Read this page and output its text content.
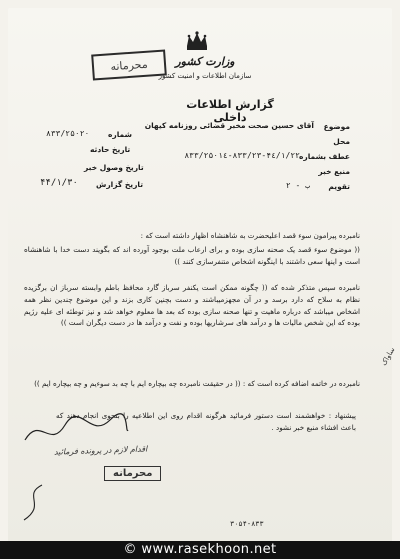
محرمانه	وزارت کشور
سازمان اطلاعات و امنیت کشور
گزارش اطلاعات داخلی
موضوع
آقای حسین صحت مخبر قضائی روزنامه کیهان
محل
عطف بشماره
۸۳۳/۲۵۰۱٤-۸۳۳/۲۳-۴٤/۱/۲۲
منبع خبر
تقویم
ب - ۲
شماره
۸۳۳/۲۵۰۲۰
تاریخ حادثه
تاریخ وصول خبر
تاریخ گزارش
۴۴/۱/۳۰
نامبرده پیرامون سوء قصد اعلیحضرت به شاهنشاه اظهار داشته است که :
(( موضوع سوء قصد یک صحنه سازی بوده و برای ارعاب ملت بوجود آورده اند که بگویند دست خدا با شاهنشاه است و اینها سعی داشتند با اینگونه اشخاص متنفرسازی کنند ))
نامبرده سپس متذکر شده که (( چگونه ممکن است یکنفر سرباز گارد محافظ باطم وابسته سرباز ان برگزیده نظام به سلاح که دارد برسد و در آن مجهزمیباشند و دست بچنین کاری بزند و این موضوع چندین نظر همه اشخاص میباشد که درباره ماهیت و تنها صحنه سازی بوده که بعد ها معلوم خواهد شد و نیز توطئه ای علیه رژیم بوده که این شخص مالیات ها و درآمد های سرشاریها بوده و نفت و درآمد ها در دست دیگران است ))
نامبرده در خاتمه اضافه کرده است که : (( در حقیقت نامبرده چه بیچاره ایم با چه بد سوءیم و چه بیچاره ایم ))
پیشنهاد : خواهشمند است دستور فرمائید هرگونه اقدام روی این اطلاعیه را بنحوی انجام دهند که باعث افشاء منبع خبر نشود .
ساواک
اقدام لازم در پرونده فرمائید
محرمانه
۳۰۵۴-۸۳۳
© www.rasekhoon.net
